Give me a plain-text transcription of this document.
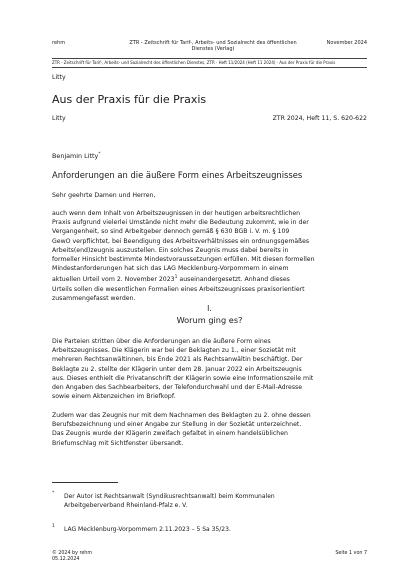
rehm	ZTR - Zeitschrift für Tarif-, Arbeits- und Sozialrecht des öffentlichen
Dienstes (Verlag)
November 2024
ZTR · Zeitschrift für Tarif-, Arbeits- und Sozialrecht des öffentlichen Dienstes, ZTR · Heft 11/2024 (Heft 11 2024) · Aus der Praxis für die Praxis
Litty
Aus der Praxis für die Praxis
Litty	ZTR 2024, Heft 11, S. 620-622
Benjamin Litty*
Anforderungen an die äußere Form eines Arbeitszeugnisses
Sehr geehrte Damen und Herren,
auch wenn dem Inhalt von Arbeitszeugnissen in der heutigen arbeitsrechtlichen
Praxis aufgrund vielerlei Umstände nicht mehr die Bedeutung zukommt, wie in der
Vergangenheit, so sind Arbeitgeber dennoch gemäß § 630 BGB i. V. m. § 109
GewO verpflichtet, bei Beendigung des Arbeitsverhältnisses ein ordnungsgemäßes
Arbeits(end)zeugnis auszustellen. Ein solches Zeugnis muss dabei bereits in
formeller Hinsicht bestimmte Mindestvoraussetzungen erfüllen. Mit diesen formellen
Mindestanforderungen hat sich das LAG Mecklenburg-Vorpommern in einem
aktuellen Urteil vom 2. November 2023$^1$ auseinandergesetzt. Anhand dieses
Urteils sollen die wesentlichen Formalien eines Arbeitszeugnisses praxisorientiert
zusammengefasst werden.
I.
Worum ging es?
Die Parteien stritten über die Anforderungen an die äußere Form eines
Arbeitszeugnisses. Die Klägerin war bei der Beklagten zu 1., einer Sozietät mit
mehreren Rechtsanwältinnen, bis Ende 2021 als Rechtsanwältin beschäftigt. Der
Beklagte zu 2. stellte der Klägerin unter dem 28. Januar 2022 ein Arbeitszeugnis
aus. Dieses enthielt die Privatanschrift der Klägerin sowie eine Informationszeile mit
den Angaben des Sachbearbeiters, der Telefondurchwahl und der E-Mail-Adresse
sowie einem Aktenzeichen im Briefkopf.
Zudem war das Zeugnis nur mit dem Nachnamen des Beklagten zu 2. ohne dessen
Berufsbezeichnung und einer Angabe zur Stellung in der Sozietät unterzeichnet.
Das Zeugnis wurde der Klägerin zweifach gefaltet in einem handelsüblichen
Briefumschlag mit Sichtfenster übersandt.
* Der Autor ist Rechtsanwalt (Syndikusrechtsanwalt) beim Kommunalen
Arbeitgeberverband Rheinland-Pfalz e. V.
1 LAG Mecklenburg-Vorpommern 2.11.2023 – 5 Sa 35/23.
© 2024 by rehm
05.12.2024
Seite 1 von 7
